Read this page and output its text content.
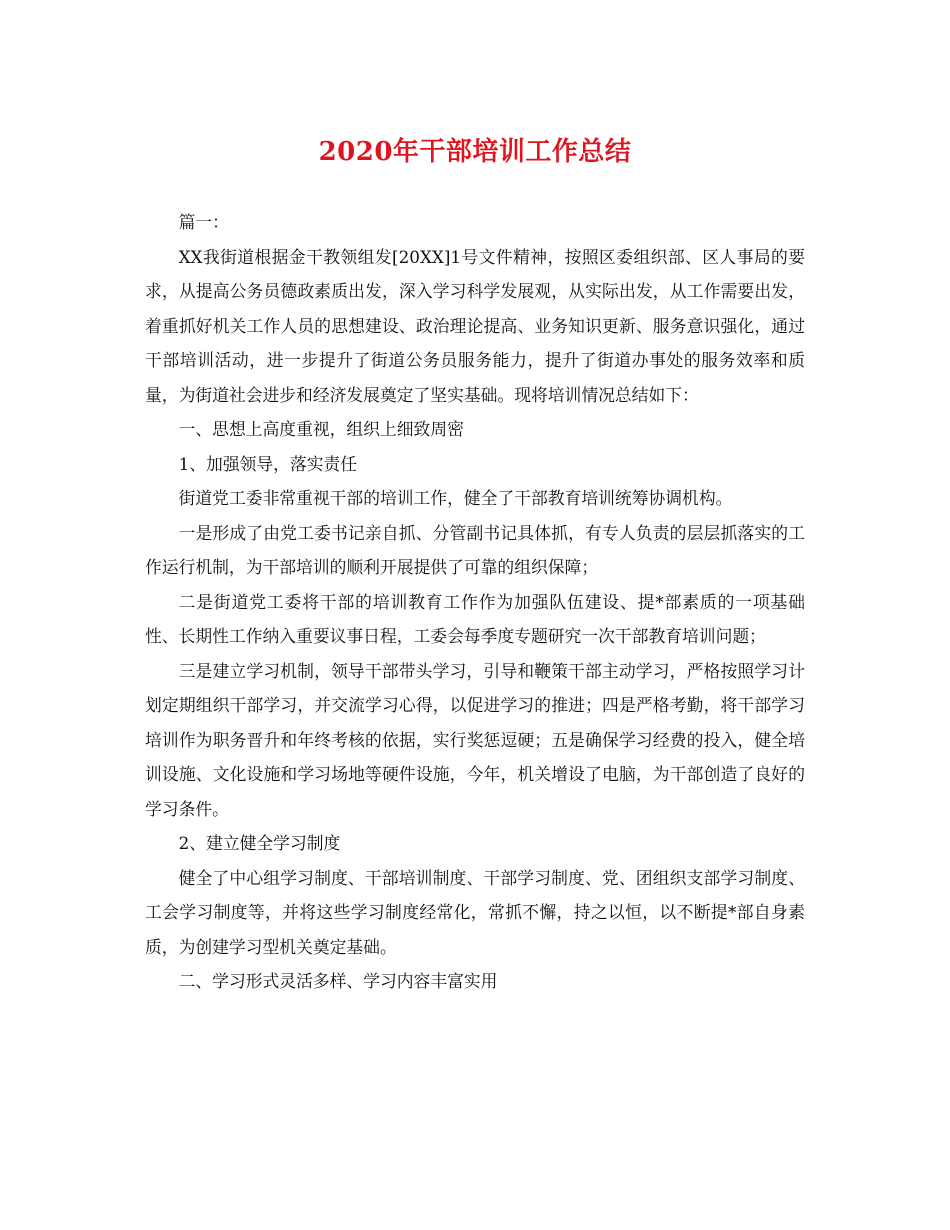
2020年干部培训工作总结

篇一：

XX我街道根据金干教领组发[20XX]1号文件精神，按照区委组织部、区人事局的要求，从提高公务员德政素质出发，深入学习科学发展观，从实际出发，从工作需要出发，着重抓好机关工作人员的思想建设、政治理论提高、业务知识更新、服务意识强化，通过干部培训活动，进一步提升了街道公务员服务能力，提升了街道办事处的服务效率和质量，为街道社会进步和经济发展奠定了坚实基础。现将培训情况总结如下：

一、思想上高度重视，组织上细致周密

1、加强领导，落实责任

街道党工委非常重视干部的培训工作，健全了干部教育培训统筹协调机构。

一是形成了由党工委书记亲自抓、分管副书记具体抓，有专人负责的层层抓落实的工作运行机制，为干部培训的顺利开展提供了可靠的组织保障；

二是街道党工委将干部的培训教育工作作为加强队伍建设、提*部素质的一项基础性、长期性工作纳入重要议事日程，工委会每季度专题研究一次干部教育培训问题；

三是建立学习机制，领导干部带头学习，引导和鞭策干部主动学习，严格按照学习计划定期组织干部学习，并交流学习心得，以促进学习的推进；四是严格考勤，将干部学习培训作为职务晋升和年终考核的依据，实行奖惩逗硬；五是确保学习经费的投入，健全培训设施、文化设施和学习场地等硬件设施，今年，机关增设了电脑，为干部创造了良好的学习条件。

2、建立健全学习制度

健全了中心组学习制度、干部培训制度、干部学习制度、党、团组织支部学习制度、工会学习制度等，并将这些学习制度经常化，常抓不懈，持之以恒，以不断提*部自身素质，为创建学习型机关奠定基础。

二、学习形式灵活多样、学习内容丰富实用
